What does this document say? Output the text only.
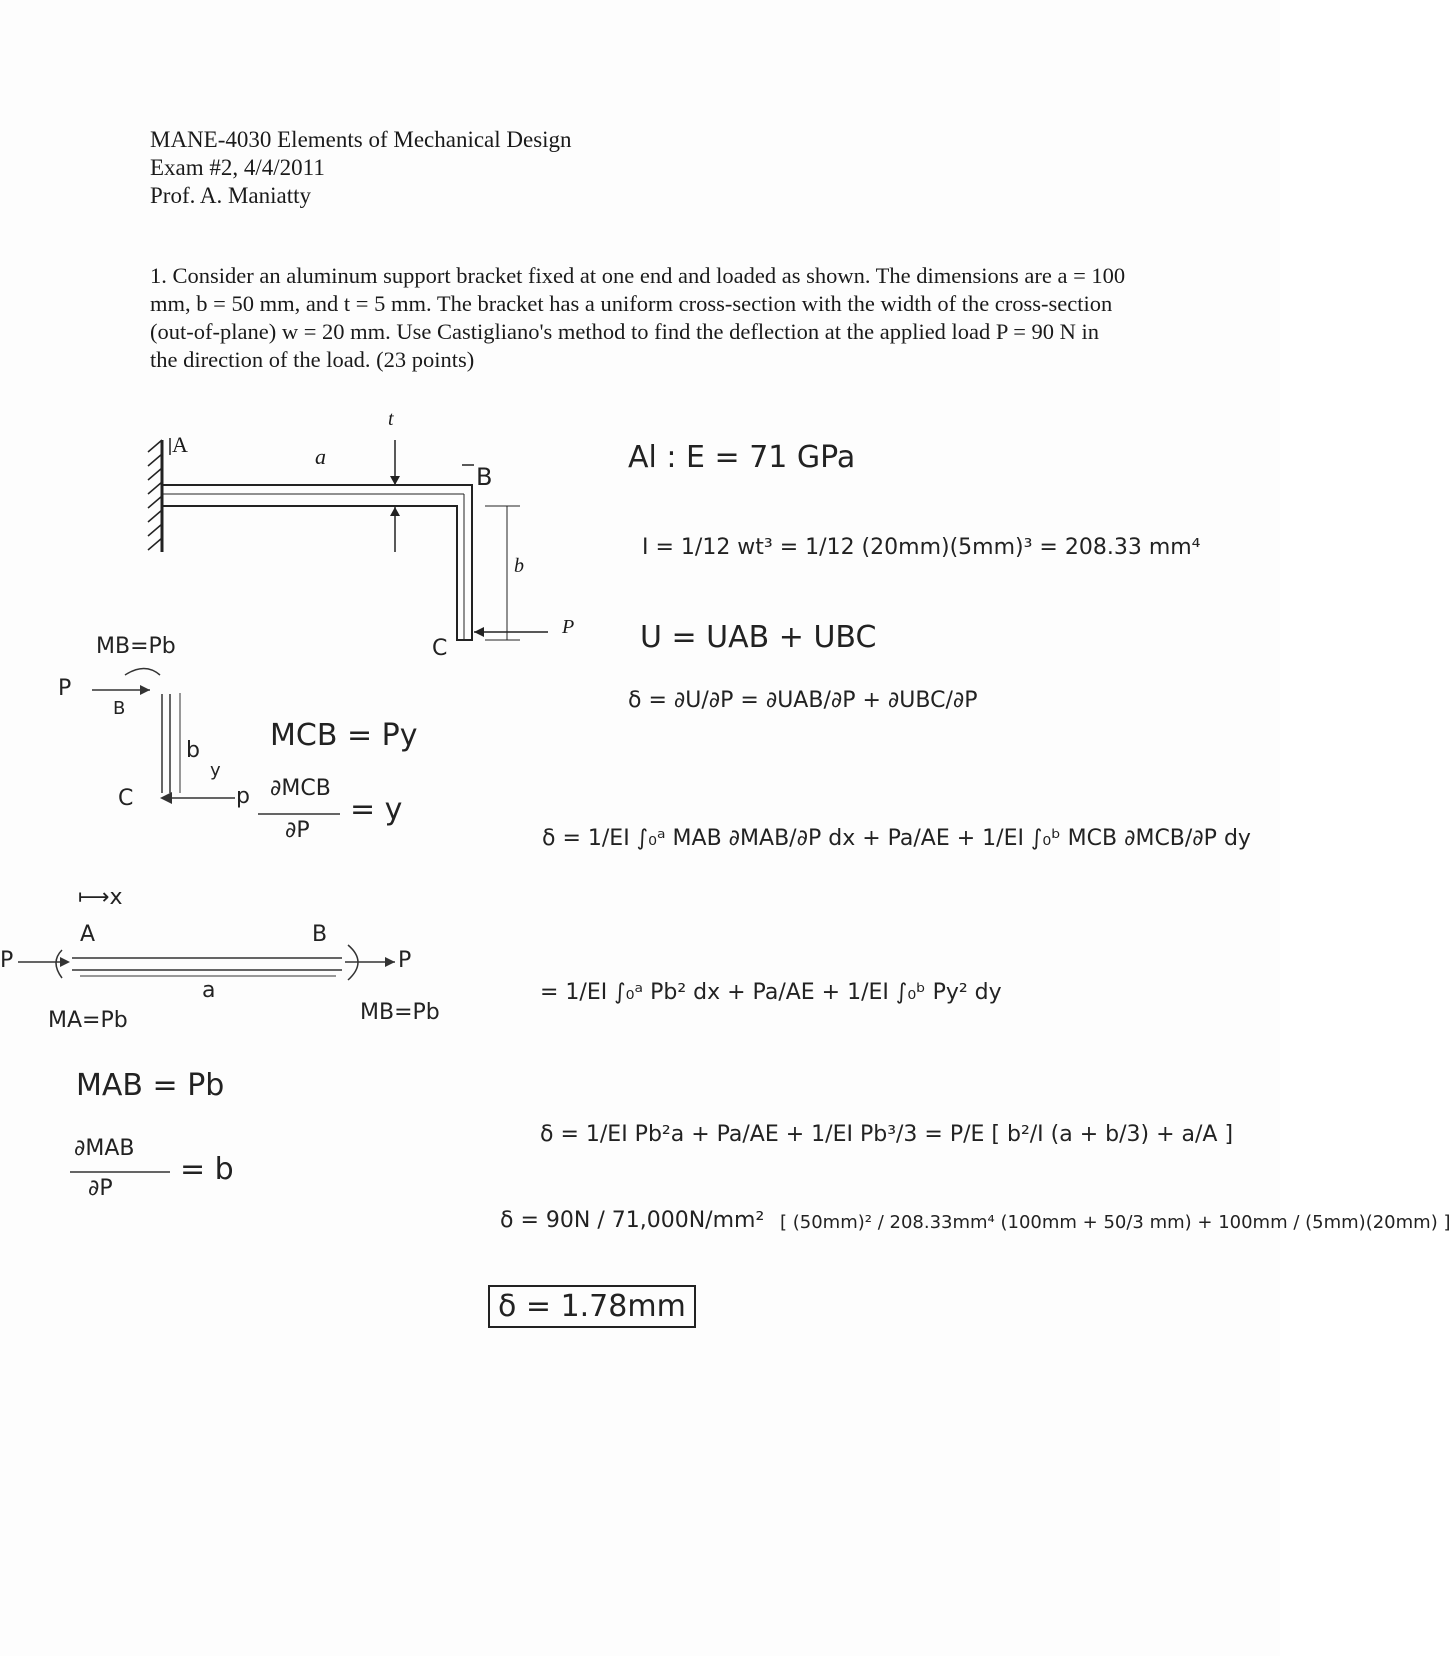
MANE-4030 Elements of Mechanical Design
Exam #2, 4/4/2011
Prof. A. Maniatty
1. Consider an aluminum support bracket fixed at one end and loaded as shown. The dimensions are a = 100 mm, b = 50 mm, and t = 5 mm. The bracket has a uniform cross-section with the width of the cross-section (out-of-plane) w = 20 mm. Use Castigliano's method to find the deflection at the applied load P = 90 N in the direction of the load. (23 points)
A	a
t
B
b
C
P
MB=Pb
P
B
b
C
y
p
MCB = Py
∂MCB
∂P
= y
⟼x
A	B
P	P
a
MA=Pb	MB=Pb
MAB = Pb
∂MAB
∂P
= b
Al : E = 71 GPa
I = 1/12 wt³ = 1/12 (20mm)(5mm)³ = 208.33 mm⁴
U = UAB + UBC
δ = ∂U/∂P = ∂UAB/∂P + ∂UBC/∂P
δ = 1/EI ∫₀ᵃ MAB ∂MAB/∂P dx + Pa/AE + 1/EI ∫₀ᵇ MCB ∂MCB/∂P dy
= 1/EI ∫₀ᵃ Pb² dx + Pa/AE + 1/EI ∫₀ᵇ Py² dy
δ = 1/EI Pb²a + Pa/AE + 1/EI Pb³/3 = P/E [ b²/I (a + b/3) + a/A ]
δ = 90N / 71,000N/mm² [ (50mm)² / 208.33mm⁴ (100mm + 50/3 mm) + 100mm / (5mm)(20mm) ]
δ = 1.78mm
